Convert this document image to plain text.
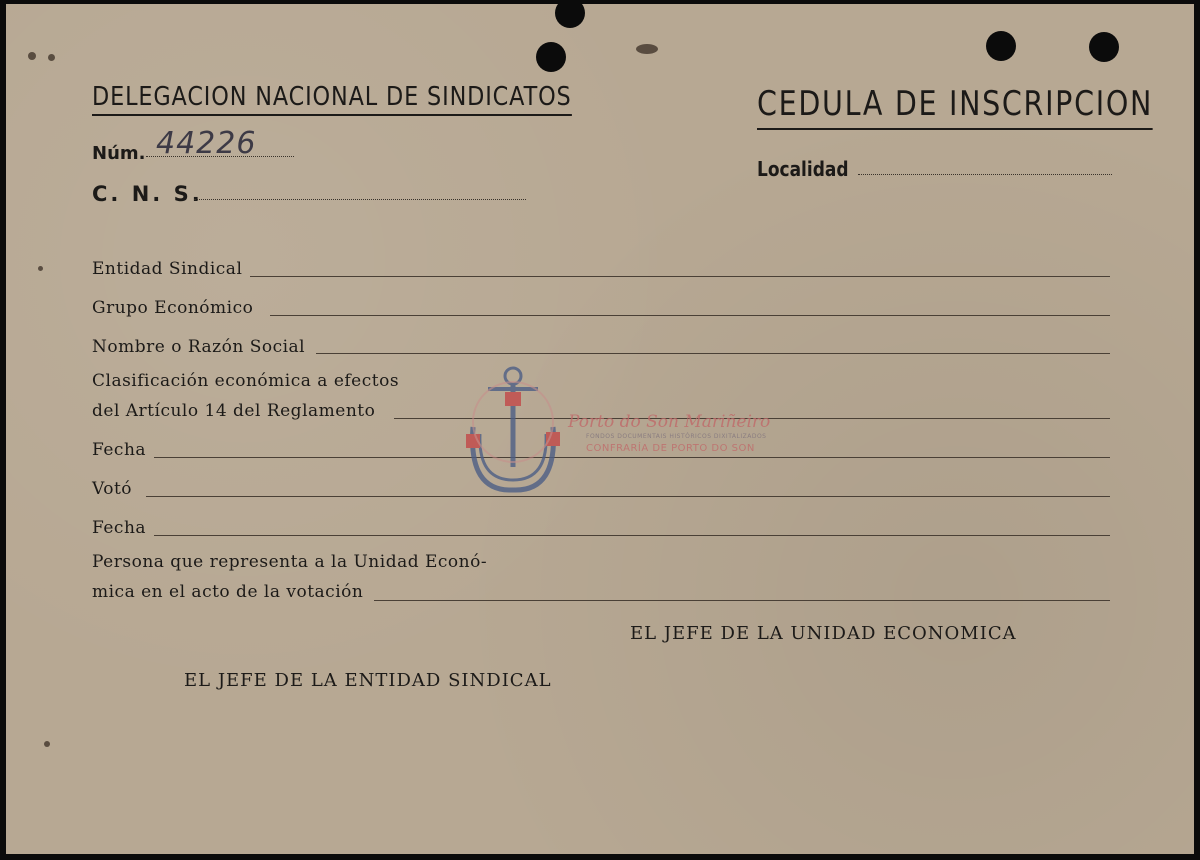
DELEGACION NACIONAL DE SINDICATOS	CEDULA DE INSCRIPCION
Núm. 44226
C. N. S.
Localidad
Entidad Sindical
Grupo Económico
Nombre o Razón Social
Clasificación económica a efectos
del Artículo 14 del Reglamento
Fecha
Votó
Fecha
Persona que representa a la Unidad Econó-
mica en el acto de la votación
EL JEFE DE LA UNIDAD ECONOMICA
EL JEFE DE LA ENTIDAD SINDICAL
Porto do Son Mariñeiro
FONDOS DOCUMENTAIS HISTÓRICOS DIXITALIZADOS
CONFRARÍA DE PORTO DO SON
